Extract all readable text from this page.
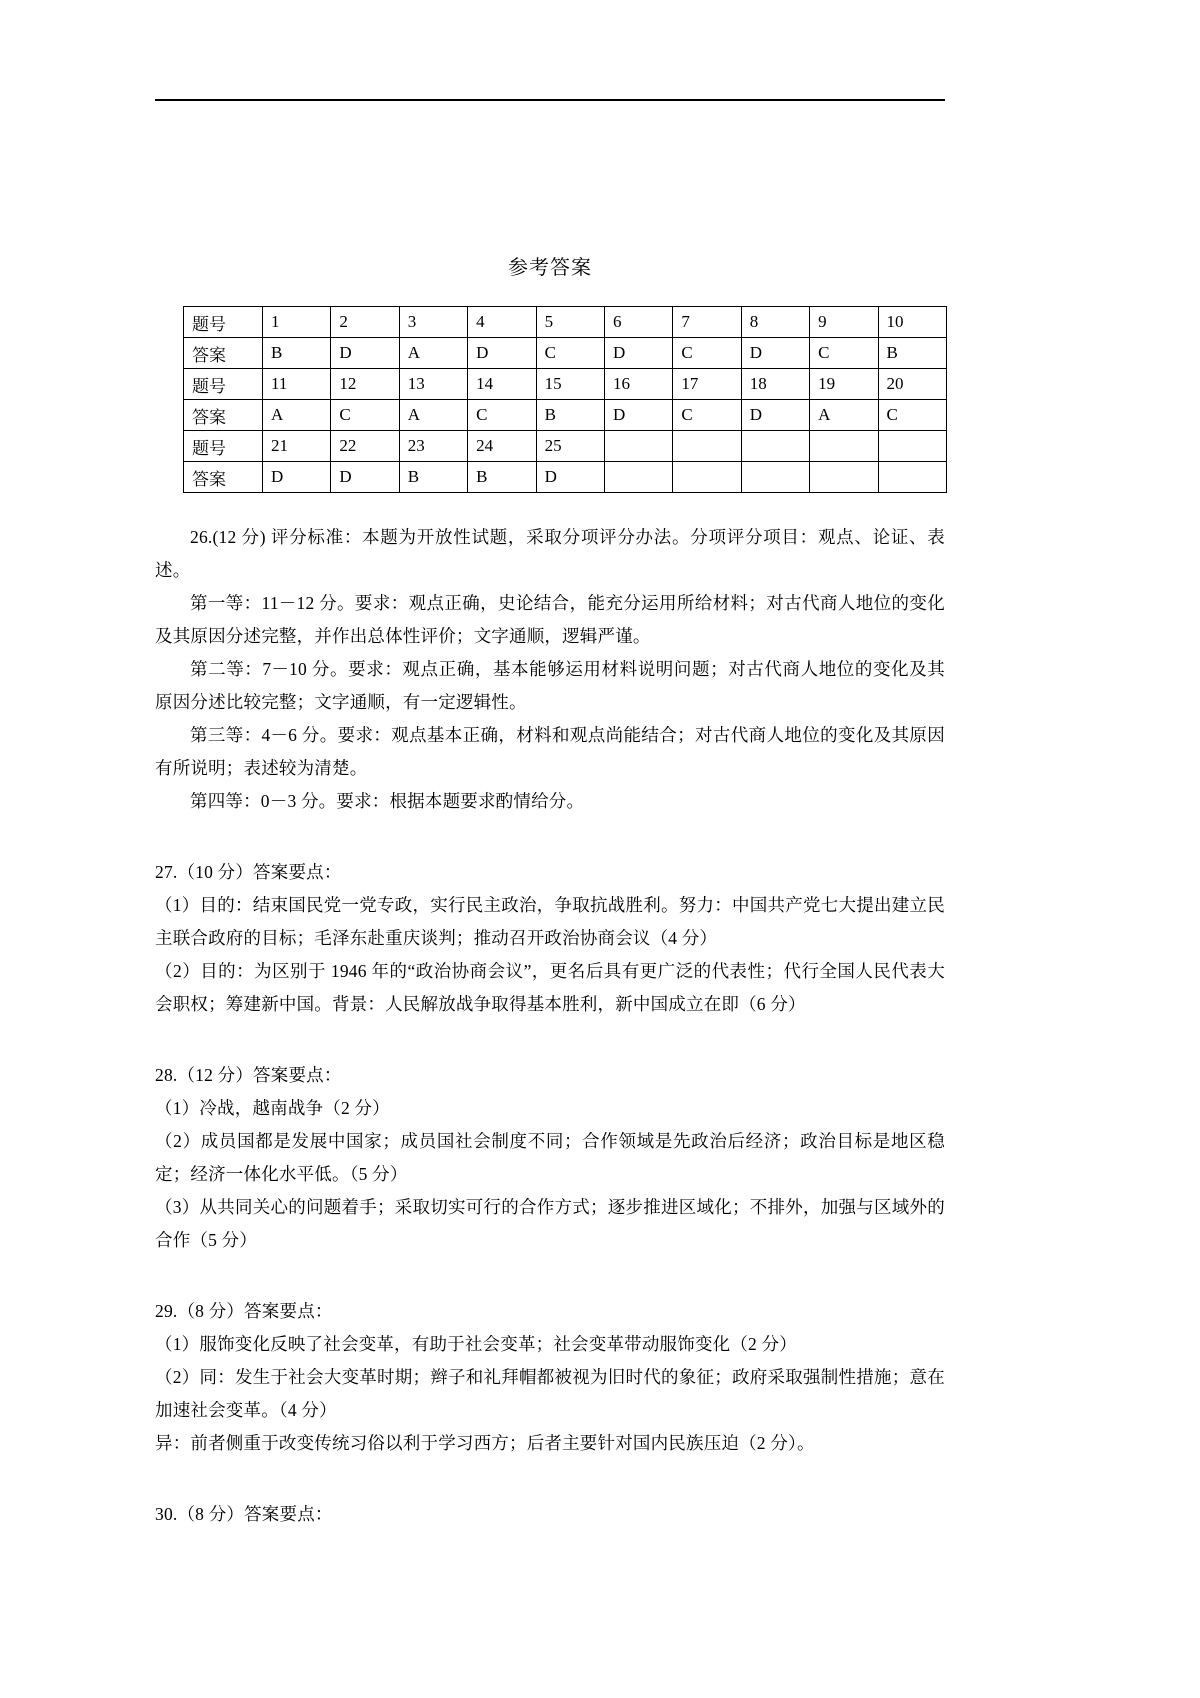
参考答案
题号	1	2	3	4	5	6	7	8	9	10
答案	B	D	A	D	C	D	C	D	C	B
题号	11	12	13	14	15	16	17	18	19	20
答案	A	C	A	C	B	D	C	D	A	C
题号	21	22	23	24	25					
答案	D	D	B	B	D					

26.(12 分) 评分标准：本题为开放性试题，采取分项评分办法。分项评分项目：观点、论证、表述。

第一等：11－12 分。要求：观点正确，史论结合，能充分运用所给材料；对古代商人地位的变化及其原因分述完整，并作出总体性评价；文字通顺，逻辑严谨。

第二等：7－10 分。要求：观点正确，基本能够运用材料说明问题；对古代商人地位的变化及其原因分述比较完整；文字通顺，有一定逻辑性。

第三等：4－6 分。要求：观点基本正确，材料和观点尚能结合；对古代商人地位的变化及其原因有所说明；表述较为清楚。

第四等：0－3 分。要求：根据本题要求酌情给分。

27.（10 分）答案要点：

（1）目的：结束国民党一党专政，实行民主政治，争取抗战胜利。努力：中国共产党七大提出建立民主联合政府的目标；毛泽东赴重庆谈判；推动召开政治协商会议（4 分）

（2）目的：为区别于 1946 年的“政治协商会议”，更名后具有更广泛的代表性；代行全国人民代表大会职权；筹建新中国。背景：人民解放战争取得基本胜利，新中国成立在即（6 分）

28.（12 分）答案要点：

（1）冷战，越南战争（2 分）

（2）成员国都是发展中国家；成员国社会制度不同；合作领域是先政治后经济；政治目标是地区稳定；经济一体化水平低。（5 分）

（3）从共同关心的问题着手；采取切实可行的合作方式；逐步推进区域化；不排外，加强与区域外的合作（5 分）

29.（8 分）答案要点：

（1）服饰变化反映了社会变革，有助于社会变革；社会变革带动服饰变化（2 分）

（2）同：发生于社会大变革时期；辫子和礼拜帽都被视为旧时代的象征；政府采取强制性措施；意在加速社会变革。（4 分）

异：前者侧重于改变传统习俗以利于学习西方；后者主要针对国内民族压迫（2 分）。

30.（8 分）答案要点：
